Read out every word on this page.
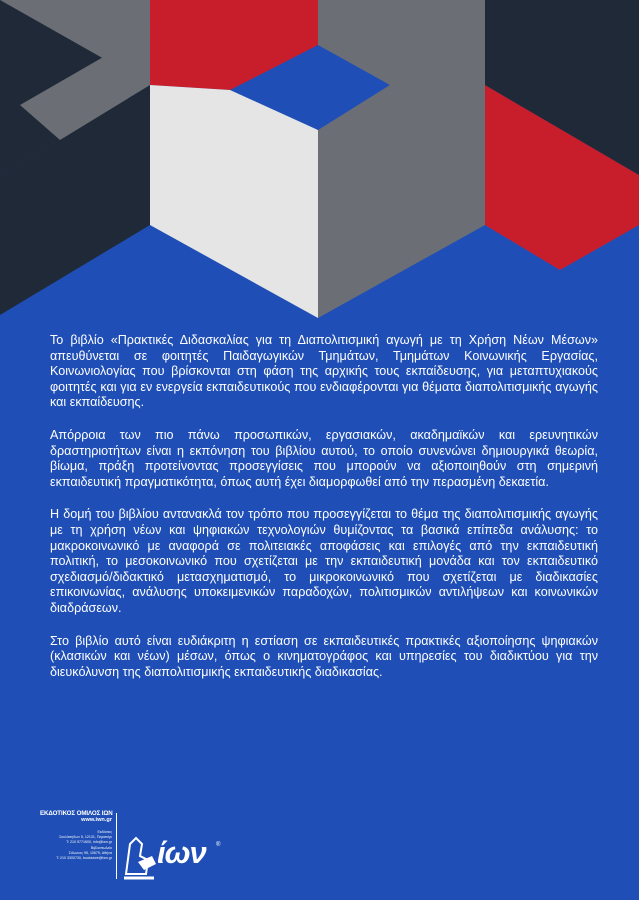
Το βιβλίο «Πρακτικές Διδασκαλίας για τη Διαπολιτισμική αγωγή με τη Χρήση Νέων Μέσων» απευθύνεται σε φοιτητές Παιδαγωγικών Τμημάτων, Τμημάτων Κοινωνικής Εργασίας, Κοινωνιολογίας που βρίσκονται στη φάση της αρχικής τους εκπαίδευσης, για μεταπτυχιακούς φοιτητές και για εν ενεργεία εκπαιδευτικούς που ενδιαφέρονται για θέματα διαπολιτισμικής αγωγής και εκπαίδευσης.

Απόρροια των πιο πάνω προσωπικών, εργασιακών, ακαδημαϊκών και ερευνητικών δραστηριοτήτων είναι η εκπόνηση του βιβλίου αυτού, το οποίο συνενώνει δημιουργικά θεωρία, βίωμα, πράξη προτείνοντας προσεγγίσεις που μπορούν να αξιοποιηθούν στη σημερινή εκπαιδευτική πραγματικότητα, όπως αυτή έχει διαμορφωθεί από την περασμένη δεκαετία.

Η δομή του βιβλίου αντανακλά τον τρόπο που προσεγγίζεται το θέμα της διαπολιτισμικής αγωγής με τη χρήση νέων και ψηφιακών τεχνολογιών θυμίζοντας τα βασικά επίπεδα ανάλυσης: το μακροκοινωνικό με αναφορά σε πολιτειακές αποφάσεις και επιλογές από την εκπαιδευτική πολιτική, το μεσοκοινωνικό που σχετίζεται με την εκπαιδευτική μονάδα και τον εκπαιδευτικό σχεδιασμό/διδακτικό μετασχηματισμό, το μικροκοινωνικό που σχετίζεται με διαδικασίες επικοινωνίας, ανάλυσης υποκειμενικών παραδοχών, πολιτισμικών αντιλήψεων και κοινωνικών διαδράσεων.

Στο βιβλίο αυτό είναι ευδιάκριτη η εστίαση σε εκπαιδευτικές πρακτικές αξιοποίησης ψηφιακών (κλασικών και νέων) μέσων, όπως ο κινηματογράφος και υπηρεσίες του διαδικτύου για την διευκόλυνση της διαπολιτισμικής εκπαιδευτικής διαδικασίας.

ΕΚΔΟΤΙΚΟΣ ΟΜΙΛΟΣ ΙΩΝ
www.iwn.gr
Εκδόσεις
Σκυλίτσηδων 5, 12131, Περιστέρι
T: 210 5771600, info@iwn.gr
Βιβλιοπωλείο
Σόλωνος 95, 10679, Αθήνα
T: 210 3300730, bookstore@iwn.gr ίων ®
